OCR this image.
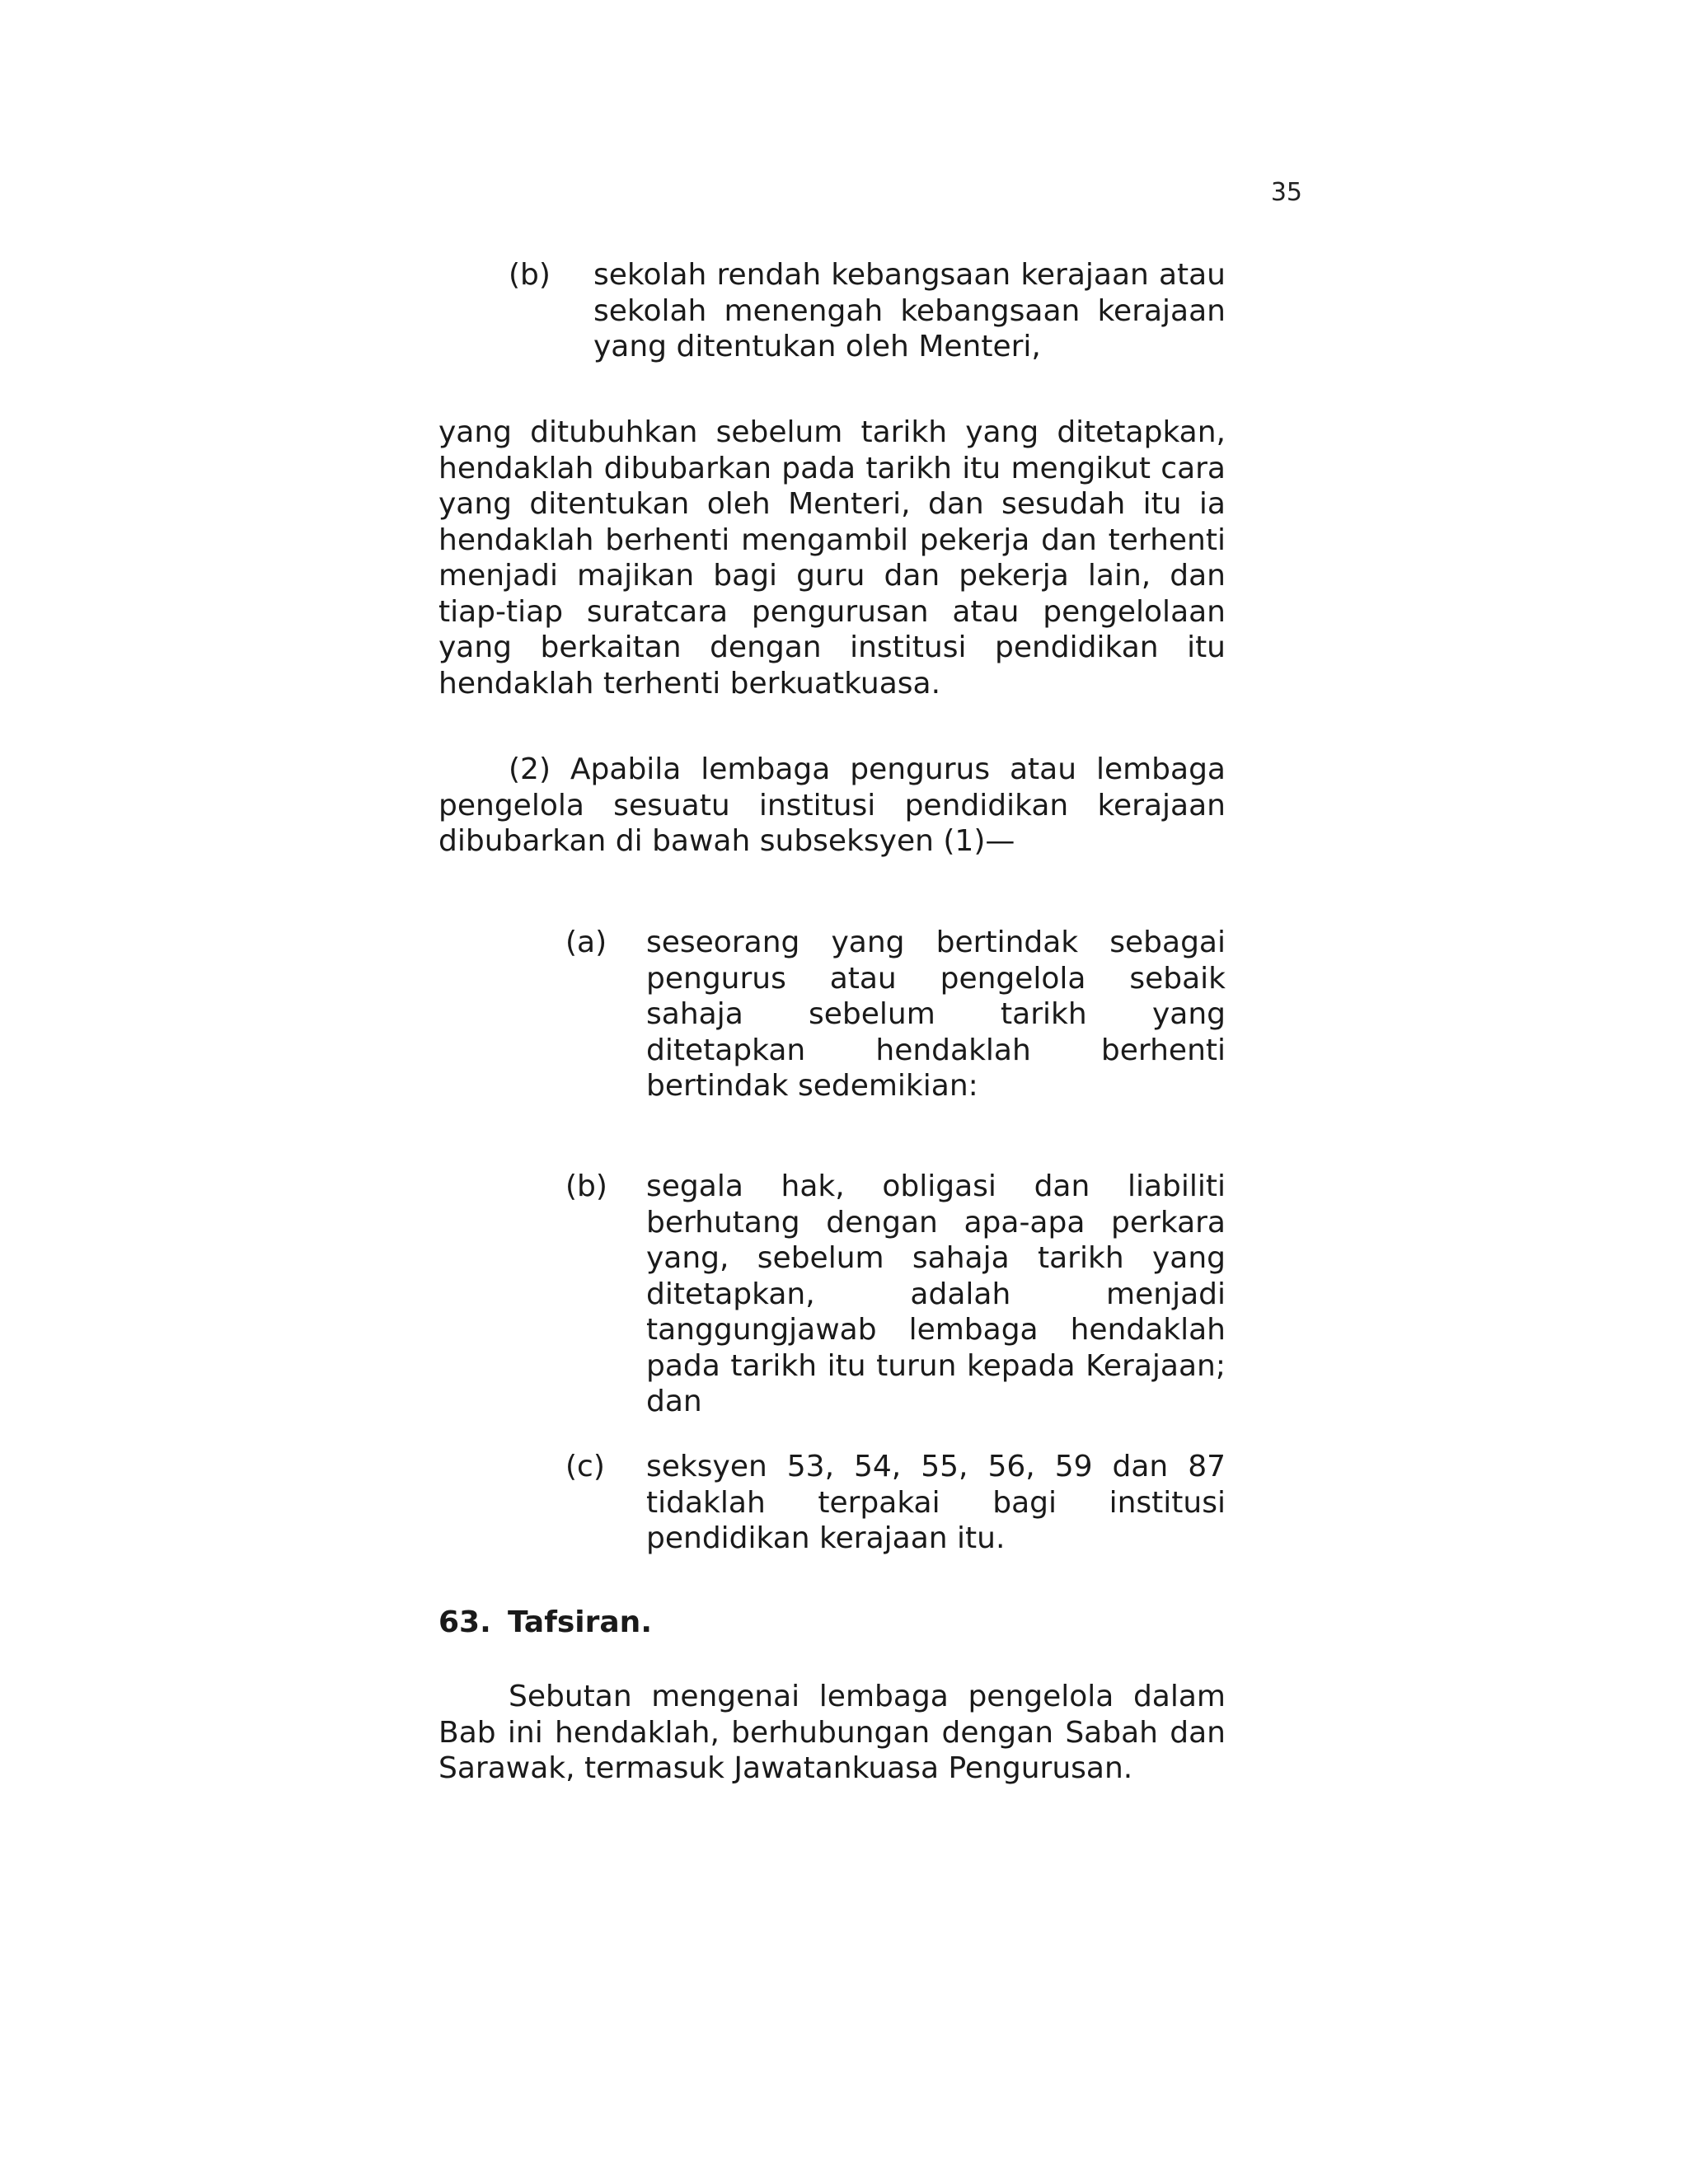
35
(b) sekolah rendah kebangsaan kerajaan atau sekolah menengah kebangsaan kerajaan yang ditentukan oleh Menteri,
yang ditubuhkan sebelum tarikh yang ditetapkan, hendaklah dibubarkan pada tarikh itu mengikut cara yang ditentukan oleh Menteri, dan sesudah itu ia hendaklah berhenti mengambil pekerja dan terhenti menjadi majikan bagi guru dan pekerja lain, dan tiap-tiap suratcara pengurusan atau pengelolaan yang berkaitan dengan institusi pendidikan itu hendaklah terhenti berkuatkuasa.
(2) Apabila lembaga pengurus atau lembaga pengelola sesuatu institusi pendidikan kerajaan dibubarkan di bawah subseksyen (1)—
(a) seseorang yang bertindak sebagai pengurus atau pengelola sebaik sahaja sebelum tarikh yang ditetapkan hendaklah berhenti bertindak sedemikian:
(b) segala hak, obligasi dan liabiliti berhutang dengan apa-apa perkara yang, sebelum sahaja tarikh yang ditetapkan, adalah menjadi tanggungjawab lembaga hendaklah pada tarikh itu turun kepada Kerajaan; dan
(c) seksyen 53, 54, 55, 56, 59 dan 87 tidaklah terpakai bagi institusi pendidikan kerajaan itu.
63. Tafsiran.
Sebutan mengenai lembaga pengelola dalam Bab ini hendaklah, berhubungan dengan Sabah dan Sarawak, termasuk Jawatankuasa Pengurusan.
